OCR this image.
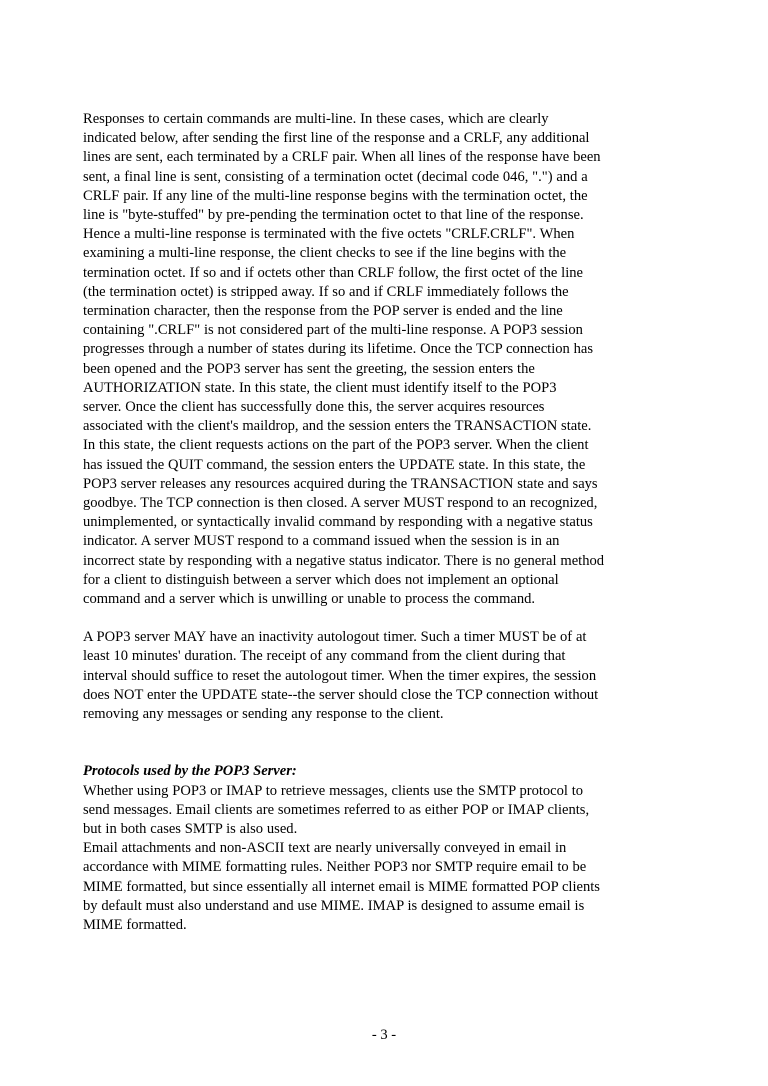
Responses to certain commands are multi-line. In these cases, which are clearly
indicated below, after sending the first line of the response and a CRLF, any additional
lines are sent, each terminated by a CRLF pair. When all lines of the response have been
sent, a final line is sent, consisting of a termination octet (decimal code 046, ".") and a
CRLF pair. If any line of the multi-line response begins with the termination octet, the
line is "byte-stuffed" by pre-pending the termination octet to that line of the response.
Hence a multi-line response is terminated with the five octets "CRLF.CRLF". When
examining a multi-line response, the client checks to see if the line begins with the
termination octet. If so and if octets other than CRLF follow, the first octet of the line
(the termination octet) is stripped away. If so and if CRLF immediately follows the
termination character, then the response from the POP server is ended and the line
containing ".CRLF" is not considered part of the multi-line response. A POP3 session
progresses through a number of states during its lifetime. Once the TCP connection has
been opened and the POP3 server has sent the greeting, the session enters the
AUTHORIZATION state. In this state, the client must identify itself to the POP3
server. Once the client has successfully done this, the server acquires resources
associated with the client's maildrop, and the session enters the TRANSACTION state.
In this state, the client requests actions on the part of the POP3 server. When the client
has issued the QUIT command, the session enters the UPDATE state. In this state, the
POP3 server releases any resources acquired during the TRANSACTION state and says
goodbye. The TCP connection is then closed. A server MUST respond to an recognized,
unimplemented, or syntactically invalid command by responding with a negative status
indicator. A server MUST respond to a command issued when the session is in an
incorrect state by responding with a negative status indicator. There is no general method
for a client to distinguish between a server which does not implement an optional
command and a server which is unwilling or unable to process the command.

A POP3 server MAY have an inactivity autologout timer. Such a timer MUST be of at
least 10 minutes' duration. The receipt of any command from the client during that
interval should suffice to reset the autologout timer. When the timer expires, the session
does NOT enter the UPDATE state--the server should close the TCP connection without
removing any messages or sending any response to the client.

Protocols used by the POP3 Server:

Whether using POP3 or IMAP to retrieve messages, clients use the SMTP protocol to
send messages. Email clients are sometimes referred to as either POP or IMAP clients,
but in both cases SMTP is also used.
Email attachments and non-ASCII text are nearly universally conveyed in email in
accordance with MIME formatting rules. Neither POP3 nor SMTP require email to be
MIME formatted, but since essentially all internet email is MIME formatted POP clients
by default must also understand and use MIME. IMAP is designed to assume email is
MIME formatted.

- 3 -
